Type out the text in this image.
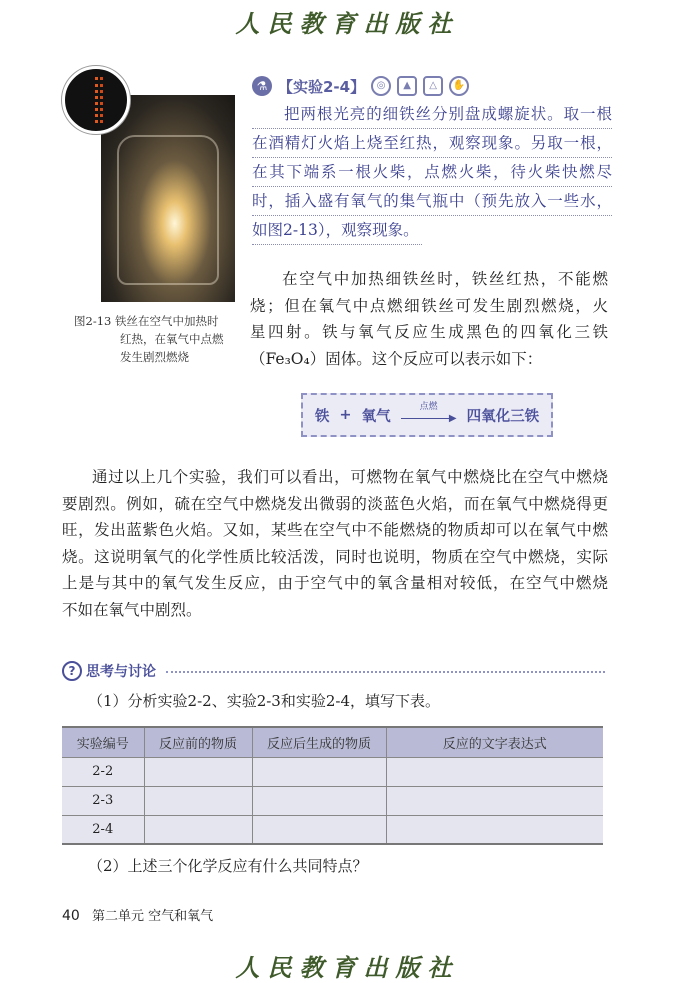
人民教育出版社
图2-13 铁丝在空气中加热时
红热，在氧气中点燃
发生剧烈燃烧
⚗ 【实验2-4】	◎	▲	△	✋
把两根光亮的细铁丝分别盘成螺旋状。取一根
在酒精灯火焰上烧至红热，观察现象。另取一根，
在其下端系一根火柴，点燃火柴，待火柴快燃尽
时，插入盛有氧气的集气瓶中（预先放入一些水，
如图2-13），观察现象。
在空气中加热细铁丝时，铁丝红热，不能燃
烧；但在氧气中点燃细铁丝可发生剧烈燃烧，火
星四射。铁与氧气反应生成黑色的四氧化三铁
（Fe₃O₄）固体。这个反应可以表示如下：
铁 + 氧气
点燃
▶ 四氧化三铁
通过以上几个实验，我们可以看出，可燃物在氧气中燃烧比在空气中燃烧
要剧烈。例如，硫在空气中燃烧发出微弱的淡蓝色火焰，而在氧气中燃烧得更
旺，发出蓝紫色火焰。又如，某些在空气中不能燃烧的物质却可以在氧气中燃
烧。这说明氧气的化学性质比较活泼，同时也说明，物质在空气中燃烧，实际
上是与其中的氧气发生反应，由于空气中的氧含量相对较低，在空气中燃烧
不如在氧气中剧烈。
? 思考与讨论
（1）分析实验2-2、实验2-3和实验2-4，填写下表。
实验编号	反应前的物质	反应后生成的物质	反应的文字表达式
2-2			
2-3			
2-4			
（2）上述三个化学反应有什么共同特点？
40 第二单元 空气和氧气
人民教育出版社
